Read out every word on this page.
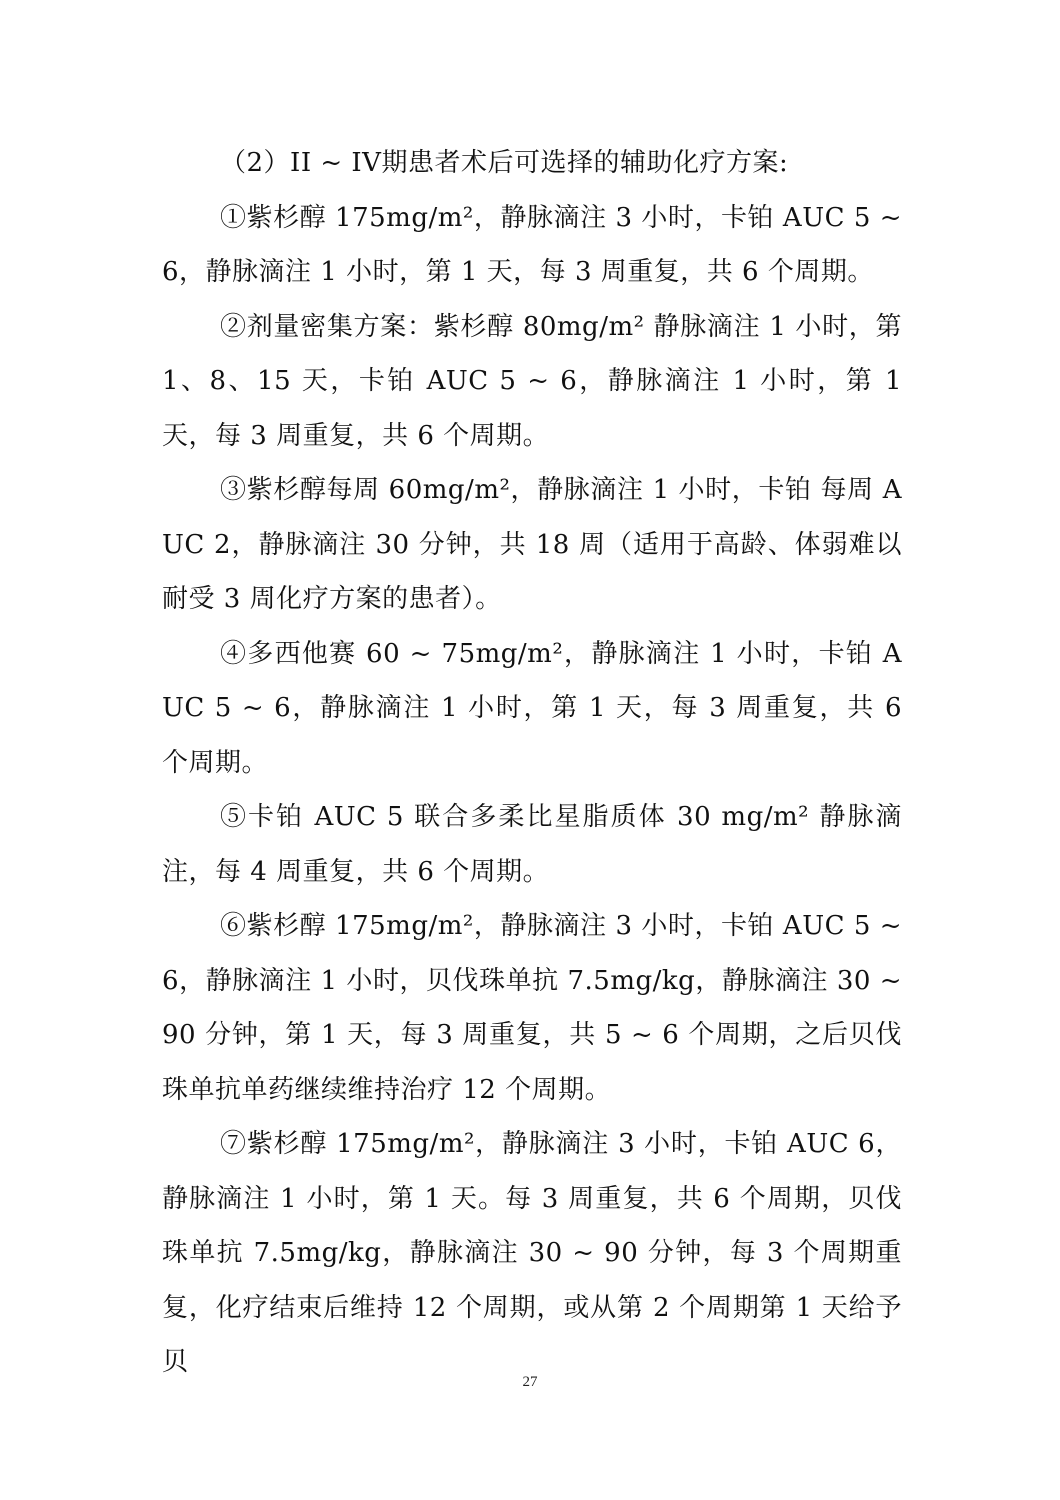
（2）II ~ IV期患者术后可选择的辅助化疗方案:

①紫杉醇 175mg/m²，静脉滴注 3 小时，卡铂 AUC 5 ~ 6，静脉滴注 1 小时，第 1 天，每 3 周重复，共 6 个周期。

②剂量密集方案：紫杉醇 80mg/m² 静脉滴注 1 小时，第 1、8、15 天，卡铂 AUC 5 ~ 6，静脉滴注 1 小时，第 1 天，每 3 周重复，共 6 个周期。

③紫杉醇每周 60mg/m²，静脉滴注 1 小时，卡铂 每周 AUC 2，静脉滴注 30 分钟，共 18 周（适用于高龄、体弱难以耐受 3 周化疗方案的患者）。

④多西他赛 60 ~ 75mg/m²，静脉滴注 1 小时，卡铂 AUC 5 ~ 6，静脉滴注 1 小时，第 1 天，每 3 周重复，共 6 个周期。

⑤卡铂 AUC 5 联合多柔比星脂质体 30 mg/m² 静脉滴注，每 4 周重复，共 6 个周期。

⑥紫杉醇 175mg/m²，静脉滴注 3 小时，卡铂 AUC 5 ~ 6，静脉滴注 1 小时，贝伐珠单抗 7.5mg/kg，静脉滴注 30 ~ 90 分钟，第 1 天，每 3 周重复，共 5 ~ 6 个周期，之后贝伐珠单抗单药继续维持治疗 12 个周期。

⑦紫杉醇 175mg/m²，静脉滴注 3 小时，卡铂 AUC 6，静脉滴注 1 小时，第 1 天。每 3 周重复，共 6 个周期，贝伐珠单抗 7.5mg/kg，静脉滴注 30 ~ 90 分钟，每 3 个周期重复，化疗结束后维持 12 个周期，或从第 2 个周期第 1 天给予贝

27
